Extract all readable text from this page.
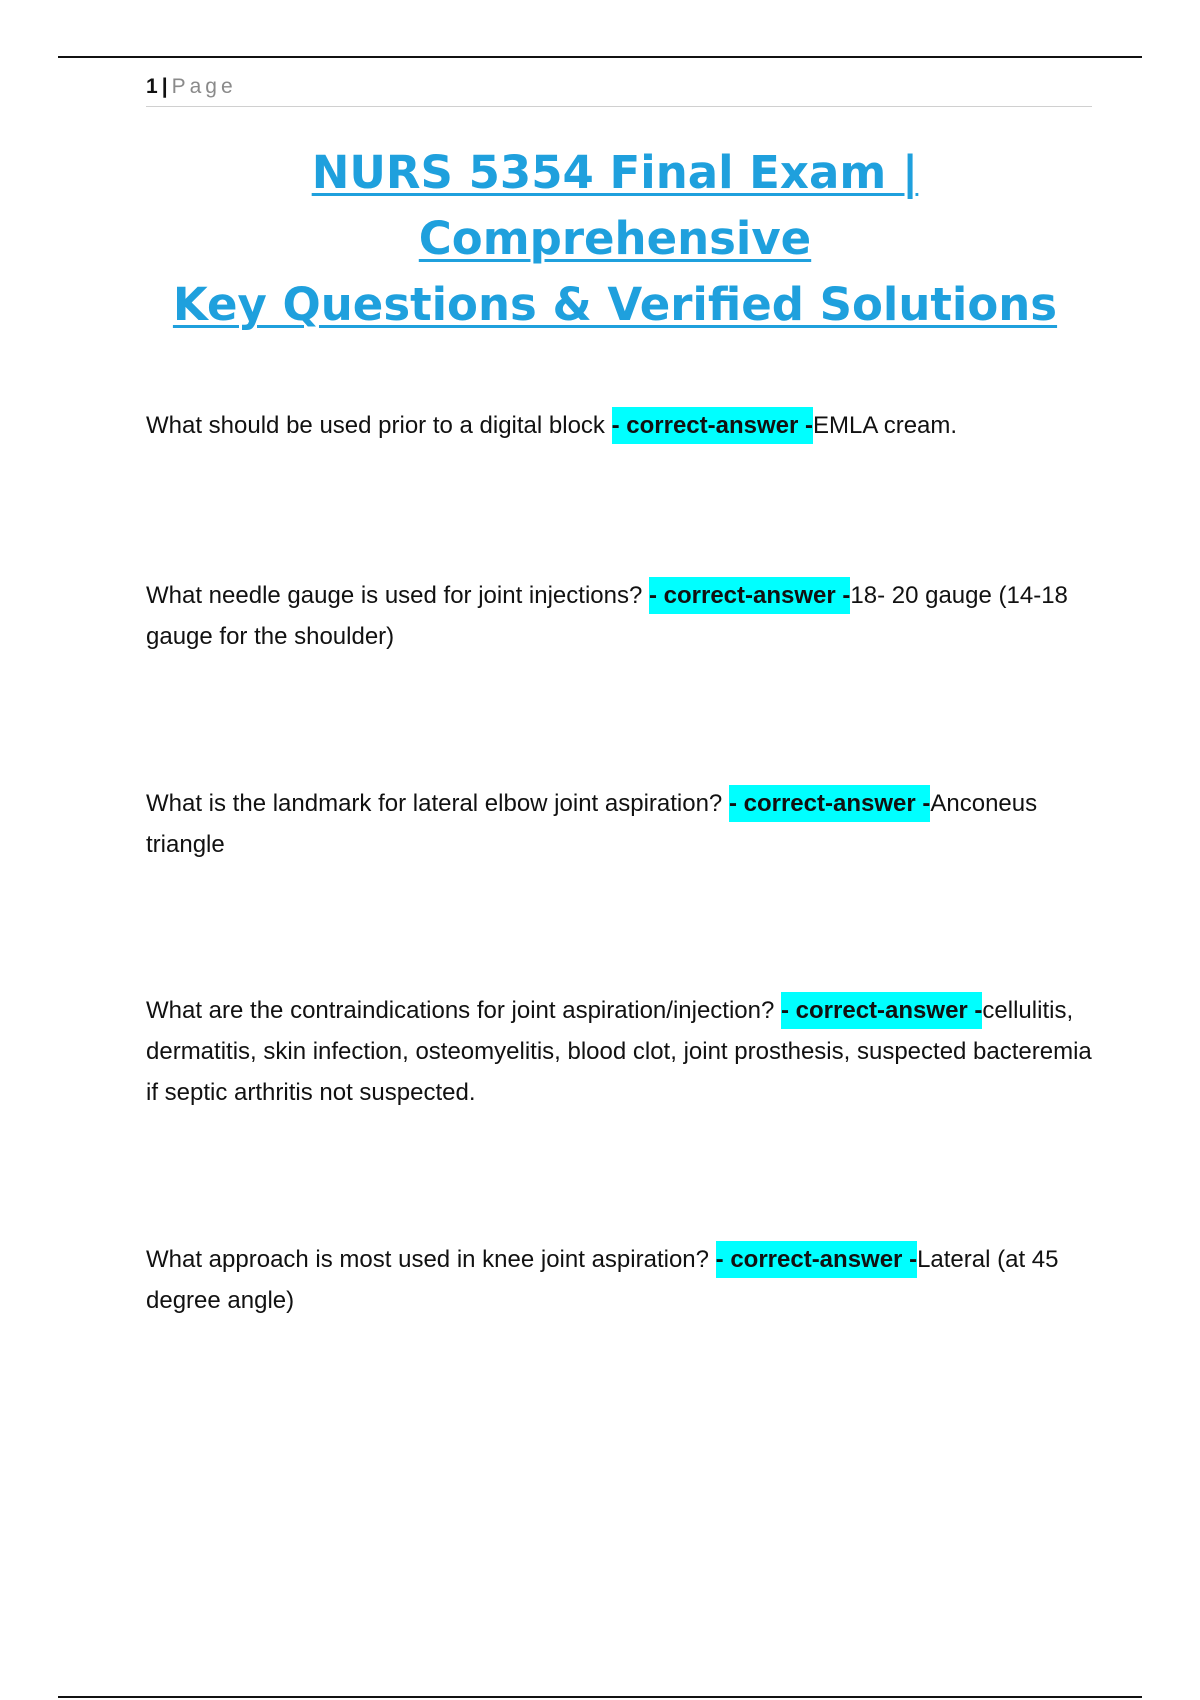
1 | Page
NURS 5354 Final Exam | Comprehensive
Key Questions & Verified Solutions
What should be used prior to a digital block - correct-answer -EMLA cream.
What needle gauge is used for joint injections? - correct-answer -18- 20 gauge (14-18 gauge for the shoulder)
What is the landmark for lateral elbow joint aspiration? - correct-answer -Anconeus triangle
What are the contraindications for joint aspiration/injection? - correct-answer -cellulitis, dermatitis, skin infection, osteomyelitis, blood clot, joint prosthesis, suspected bacteremia if septic arthritis not suspected.
What approach is most used in knee joint aspiration? - correct-answer -Lateral (at 45 degree angle)
